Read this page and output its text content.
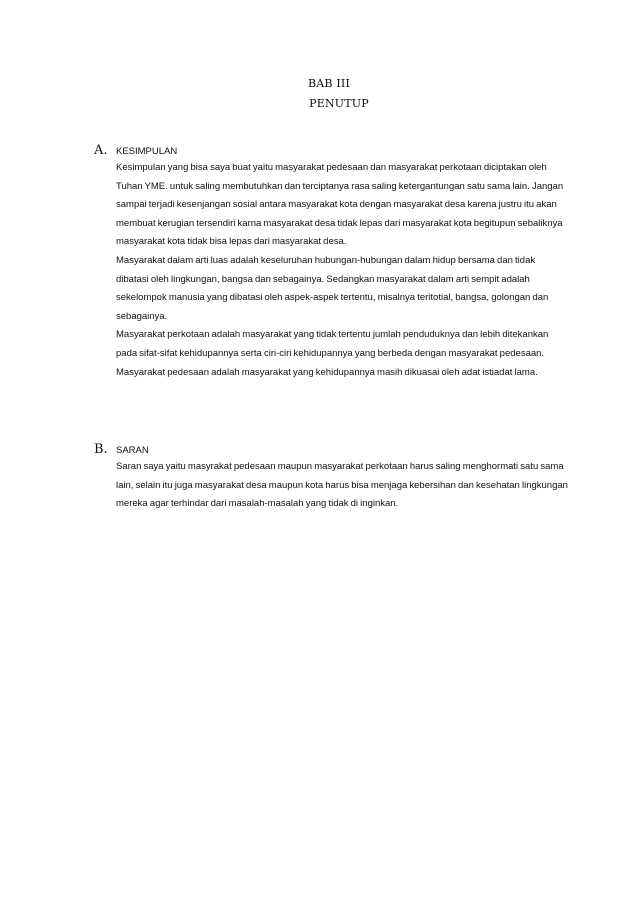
BAB III
PENUTUP
A. KESIMPULAN

Kesimpulan yang bisa saya buat yaitu masyarakat pedesaan dan masyarakat perkotaan diciptakan oleh Tuhan YME. untuk saling membutuhkan dan terciptanya rasa saling ketergantungan satu sama lain. Jangan sampai terjadi kesenjangan sosial antara masyarakat kota dengan masyarakat desa karena justru itu akan membuat kerugian tersendiri karna masyarakat desa tidak lepas dari masyarakat kota begitupun sebaliknya masyarakat kota tidak bisa lepas dari masyarakat desa.

Masyarakat dalam arti luas adalah keseluruhan hubungan-hubungan dalam hidup bersama dan tidak dibatasi oleh lingkungan, bangsa dan sebagainya. Sedangkan masyarakat dalam arti sempit adalah sekelompok manusia yang dibatasi oleh aspek-aspek tertentu, misalnya teritotial, bangsa, golongan dan sebagainya.

Masyarakat perkotaan adalah masyarakat yang tidak tertentu jumlah penduduknya dan lebih ditekankan pada sifat-sifat kehidupannya serta ciri-ciri kehidupannya yang berbeda dengan masyarakat pedesaan.

Masyarakat pedesaan adalah masyarakat yang kehidupannya masih dikuasai oleh adat istiadat lama.

B. SARAN

Saran saya yaitu masyrakat pedesaan maupun masyarakat perkotaan harus saling menghormati satu sama lain, selain itu juga masyarakat desa maupun kota harus bisa menjaga kebersihan dan kesehatan lingkungan mereka agar terhindar dari masalah-masalah yang tidak di inginkan.
